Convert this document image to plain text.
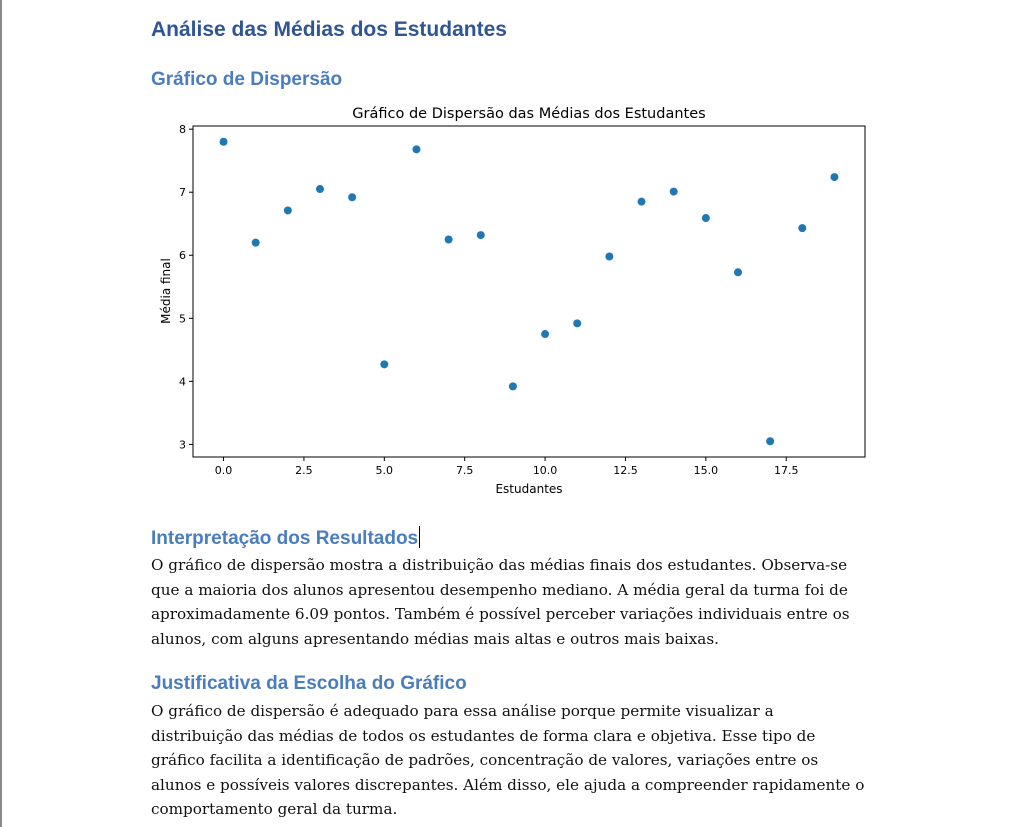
Análise das Médias dos Estudantes
Gráfico de Dispersão
Gráfico de Dispersão das Médias dos Estudantes
3
4
5
6
7
8
0.0	2.5	5.0	7.5	10.0	12.5	15.0	17.5
Estudantes
Média final
Interpretação dos Resultados
O gráfico de dispersão mostra a distribuição das médias finais dos estudantes. Observa-se
que a maioria dos alunos apresentou desempenho mediano. A média geral da turma foi de
aproximadamente 6.09 pontos. Também é possível perceber variações individuais entre os
alunos, com alguns apresentando médias mais altas e outros mais baixas.
Justificativa da Escolha do Gráfico
O gráfico de dispersão é adequado para essa análise porque permite visualizar a
distribuição das médias de todos os estudantes de forma clara e objetiva. Esse tipo de
gráfico facilita a identificação de padrões, concentração de valores, variações entre os
alunos e possíveis valores discrepantes. Além disso, ele ajuda a compreender rapidamente o
comportamento geral da turma.
